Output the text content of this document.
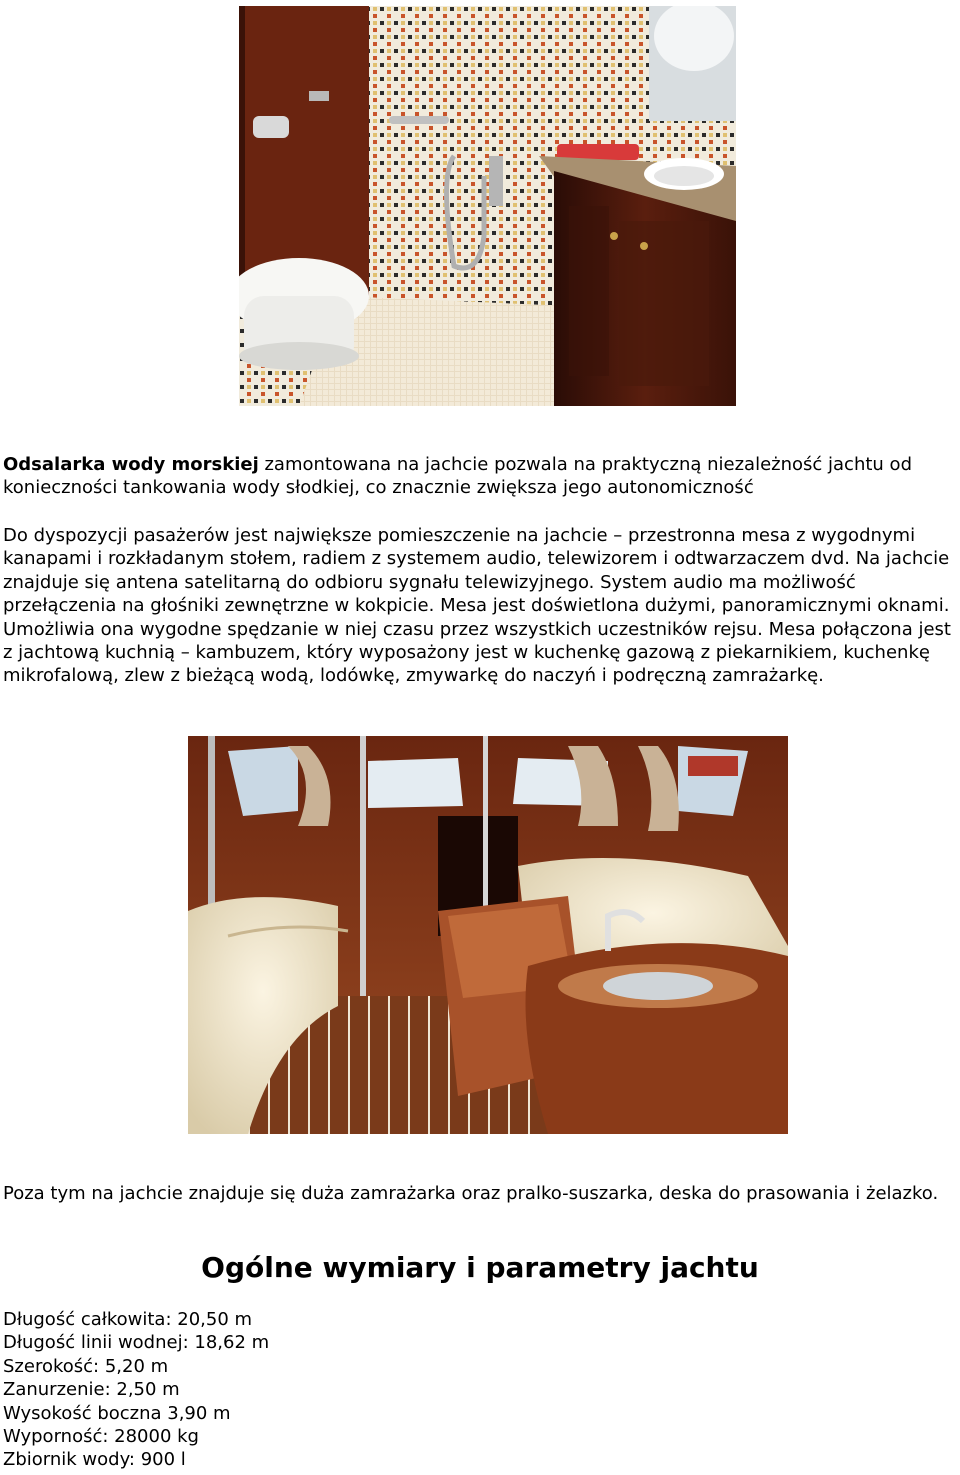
Odsalarka wody morskiej zamontowana na jachcie pozwala na praktyczną niezależność jachtu od konieczności tankowania wody słodkiej, co znacznie zwiększa jego autonomiczność

Do dyspozycji pasażerów jest największe pomieszczenie na jachcie – przestronna mesa z wygodnymi kanapami i rozkładanym stołem, radiem z systemem audio, telewizorem i odtwarzaczem dvd. Na jachcie znajduje się antena satelitarną do odbioru sygnału telewizyjnego. System audio ma możliwość przełączenia na głośniki zewnętrzne w kokpicie. Mesa jest doświetlona dużymi, panoramicznymi oknami. Umożliwia ona wygodne spędzanie w niej czasu przez wszystkich uczestników rejsu. Mesa połączona jest z jachtową kuchnią – kambuzem, który wyposażony jest w kuchenkę gazową z piekarnikiem, kuchenkę mikrofalową, zlew z bieżącą wodą, lodówkę, zmywarkę do naczyń i podręczną zamrażarkę.

Poza tym na jachcie znajduje się duża zamrażarka oraz pralko-suszarka, deska do prasowania i żelazko.

Ogólne wymiary i parametry jachtu
Długość całkowita: 20,50 m
Długość linii wodnej: 18,62 m
Szerokość: 5,20 m
Zanurzenie: 2,50 m
Wysokość boczna 3,90 m
Wyporność: 28000 kg
Zbiornik wody: 900 l
